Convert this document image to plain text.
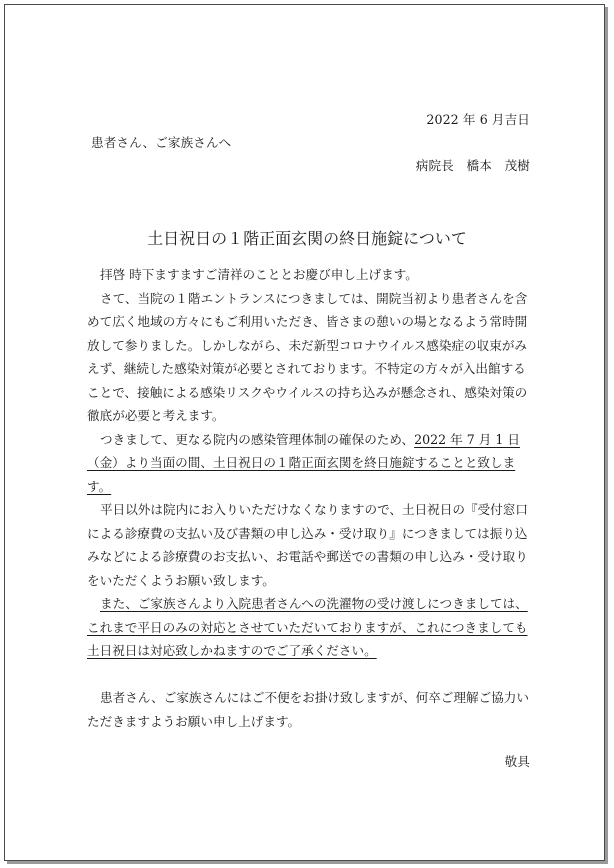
2022 年 6 月吉日
患者さん、ご家族さんへ
病院長　橋本　茂樹
土日祝日の１階正面玄関の終日施錠について

拝啓 時下ますますご清祥のこととお慶び申し上げます。

さて、当院の１階エントランスにつきましては、開院当初より患者さんを含

めて広く地域の方々にもご利用いただき、皆さまの憩いの場となるよう常時開

放して参りました。しかしながら、未だ新型コロナウイルス感染症の収束がみ

えず、継続した感染対策が必要とされております。不特定の方々が入出館する

ことで、接触による感染リスクやウイルスの持ち込みが懸念され、感染対策の

徹底が必要と考えます。

つきまして、更なる院内の感染管理体制の確保のため、2022 年 7 月 1 日

（金）より当面の間、土日祝日の１階正面玄関を終日施錠することと致しま

す。

平日以外は院内にお入りいただけなくなりますので、土日祝日の『受付窓口

による診療費の支払い及び書類の申し込み・受け取り』につきましては振り込

みなどによる診療費のお支払い、お電話や郵送での書類の申し込み・受け取り

をいただくようお願い致します。

また、ご家族さんより入院患者さんへの洗濯物の受け渡しにつきましては、

これまで平日のみの対応とさせていただいておりますが、これにつきましても

土日祝日は対応致しかねますのでご了承ください。

患者さん、ご家族さんにはご不便をお掛け致しますが、何卒ご理解ご協力い

ただきますようお願い申し上げます。

敬具
